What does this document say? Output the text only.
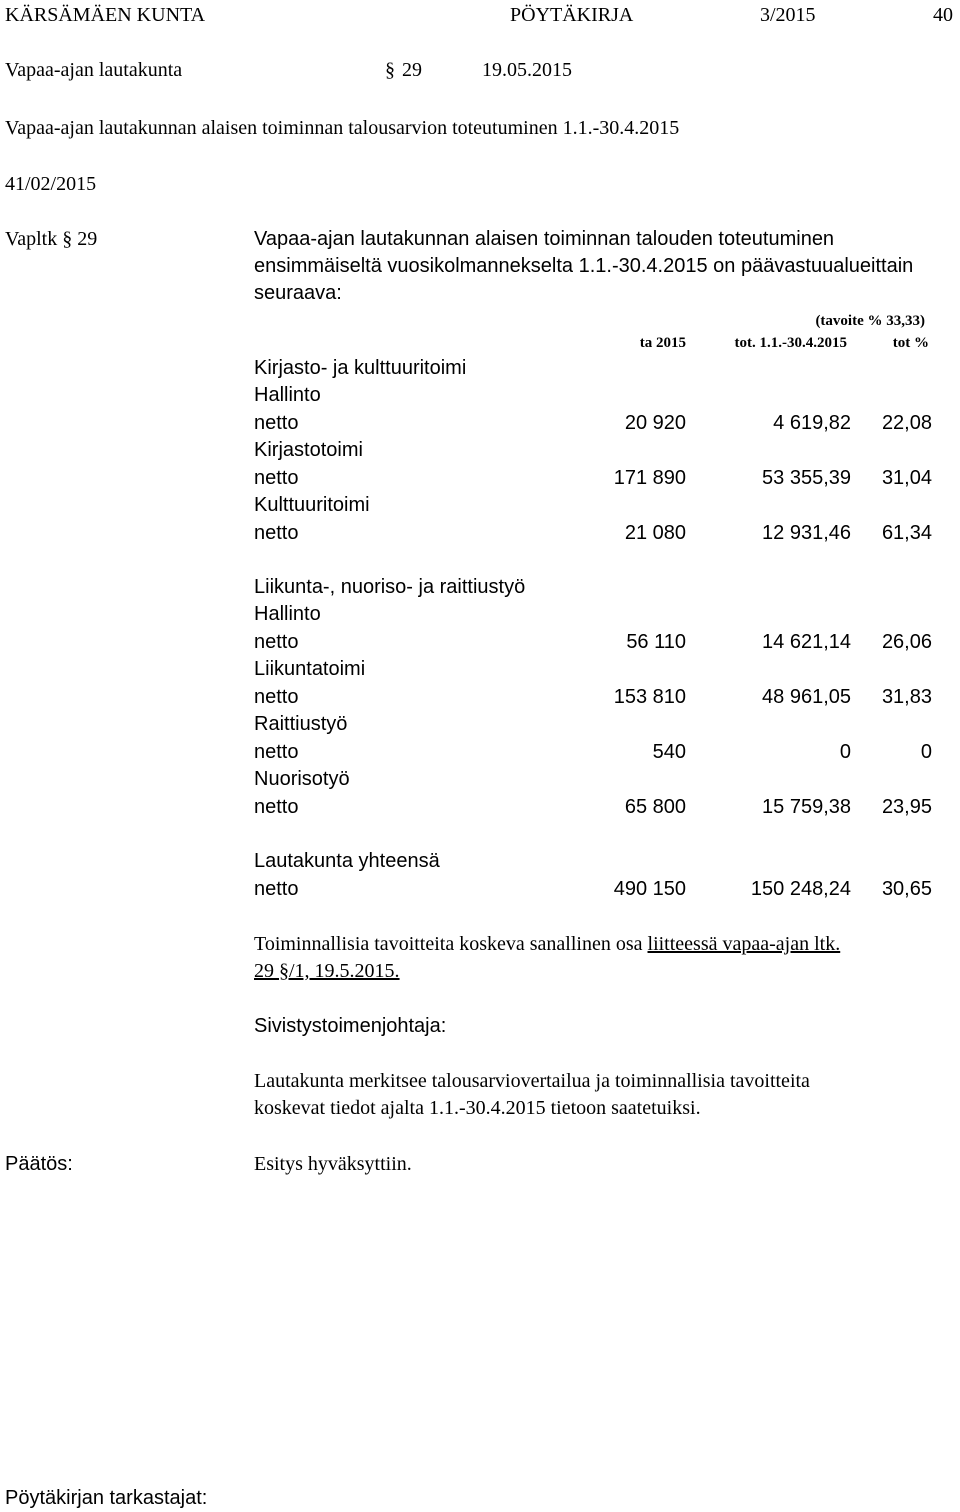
KÄRSÄMÄEN KUNTA	PÖYTÄKIRJA	3/2015	40
Vapaa-ajan lautakunta	§ 29	19.05.2015
Vapaa-ajan lautakunnan alaisen toiminnan talousarvion toteutuminen 1.1.-30.4.2015
41/02/2015
Vapltk § 29	Vapaa-ajan lautakunnan alaisen toiminnan talouden toteutuminen
ensimmäiseltä vuosikolmannekselta 1.1.-30.4.2015 on päävastuualueittain
seuraava:
(tavoite % 33,33)
ta 2015	tot. 1.1.-30.4.2015	tot %
Kirjasto- ja kulttuuritoimi
Hallinto
netto	20 920	4 619,82	22,08
Kirjastotoimi
netto	171 890	53 355,39	31,04
Kulttuuritoimi
netto	21 080	12 931,46	61,34
Liikunta-, nuoriso- ja raittiustyö
Hallinto
netto	56 110	14 621,14	26,06
Liikuntatoimi
netto	153 810	48 961,05	31,83
Raittiustyö
netto	540	0	0
Nuorisotyö
netto	65 800	15 759,38	23,95
Lautakunta yhteensä
netto	490 150	150 248,24	30,65
Toiminnallisia tavoitteita koskeva sanallinen osa liitteessä vapaa-ajan ltk.
29 §/1, 19.5.2015.
Sivistystoimenjohtaja:
Lautakunta merkitsee talousarviovertailua ja toiminnallisia tavoitteita
koskevat tiedot ajalta 1.1.-30.4.2015 tietoon saatetuiksi.
Päätös:	Esitys hyväksyttiin.
Pöytäkirjan tarkastajat:
